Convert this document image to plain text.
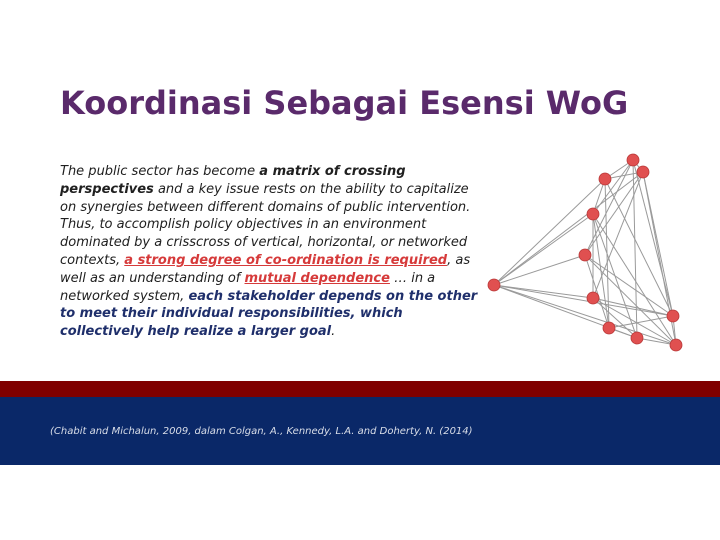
Koordinasi Sebagai Esensi WoG

The public sector has become a matrix of crossing perspectives and a key issue rests on the ability to capitalize on synergies between different domains of public intervention. Thus, to accomplish policy objectives in an environment dominated by a crisscross of vertical, horizontal, or networked contexts, a strong degree of co-ordination is required, as well as an understanding of mutual dependence … in a networked system, each stakeholder depends on the other to meet their individual responsibilities, which collectively help realize a larger goal.

(Chabit and Michalun, 2009, dalam Colgan, A., Kennedy, L.A. and Doherty, N. (2014)
